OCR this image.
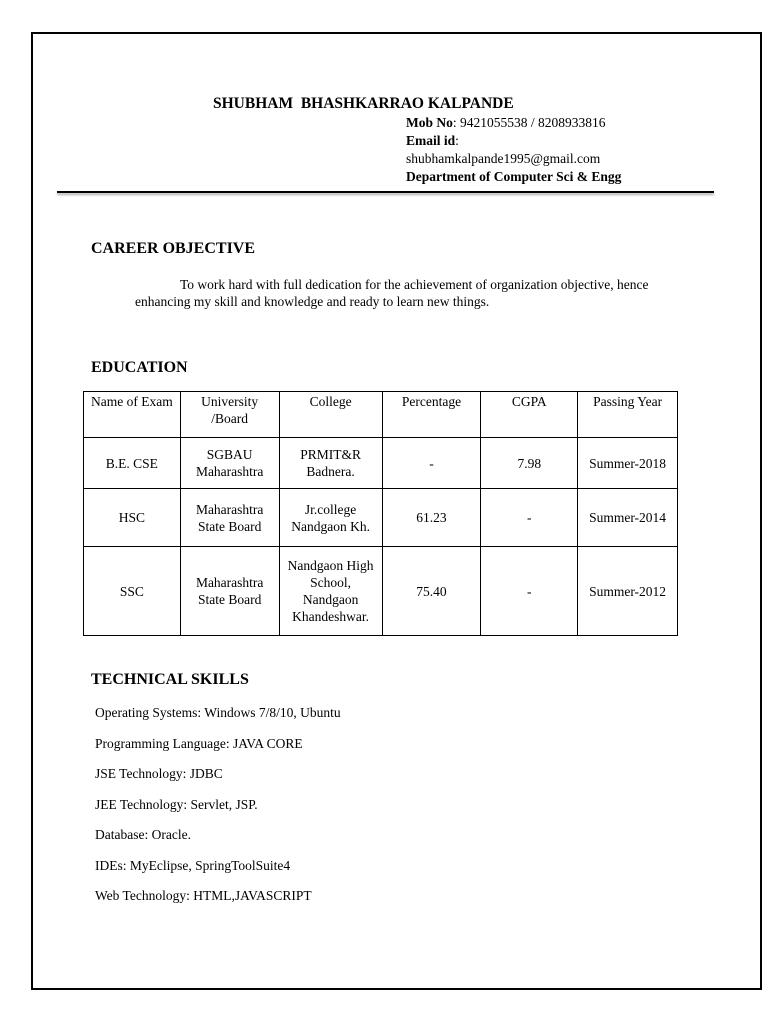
SHUBHAM  BHASHKARRAO KALPANDE
Mob No: 9421055538 / 8208933816
Email id:
shubhamkalpande1995@gmail.com
Department of Computer Sci & Engg
CAREER OBJECTIVE
To work hard with full dedication for the achievement of organization objective, hence enhancing my skill and knowledge and ready to learn new things.
EDUCATION
Name of Exam	University /Board	College	Percentage	CGPA	Passing Year
B.E. CSE	SGBAU Maharashtra	PRMIT&R Badnera.	-	7.98	Summer-2018
HSC	Maharashtra State Board	Jr.college Nandgaon Kh.	61.23	-	Summer-2014
SSC	Maharashtra State Board	Nandgaon High School, Nandgaon Khandeshwar.	75.40	-	Summer-2012
TECHNICAL SKILLS
Operating Systems: Windows 7/8/10, Ubuntu
Programming Language: JAVA CORE
JSE Technology: JDBC
JEE Technology: Servlet, JSP.
Database: Oracle.
IDEs: MyEclipse, SpringToolSuite4
Web Technology: HTML,JAVASCRIPT
